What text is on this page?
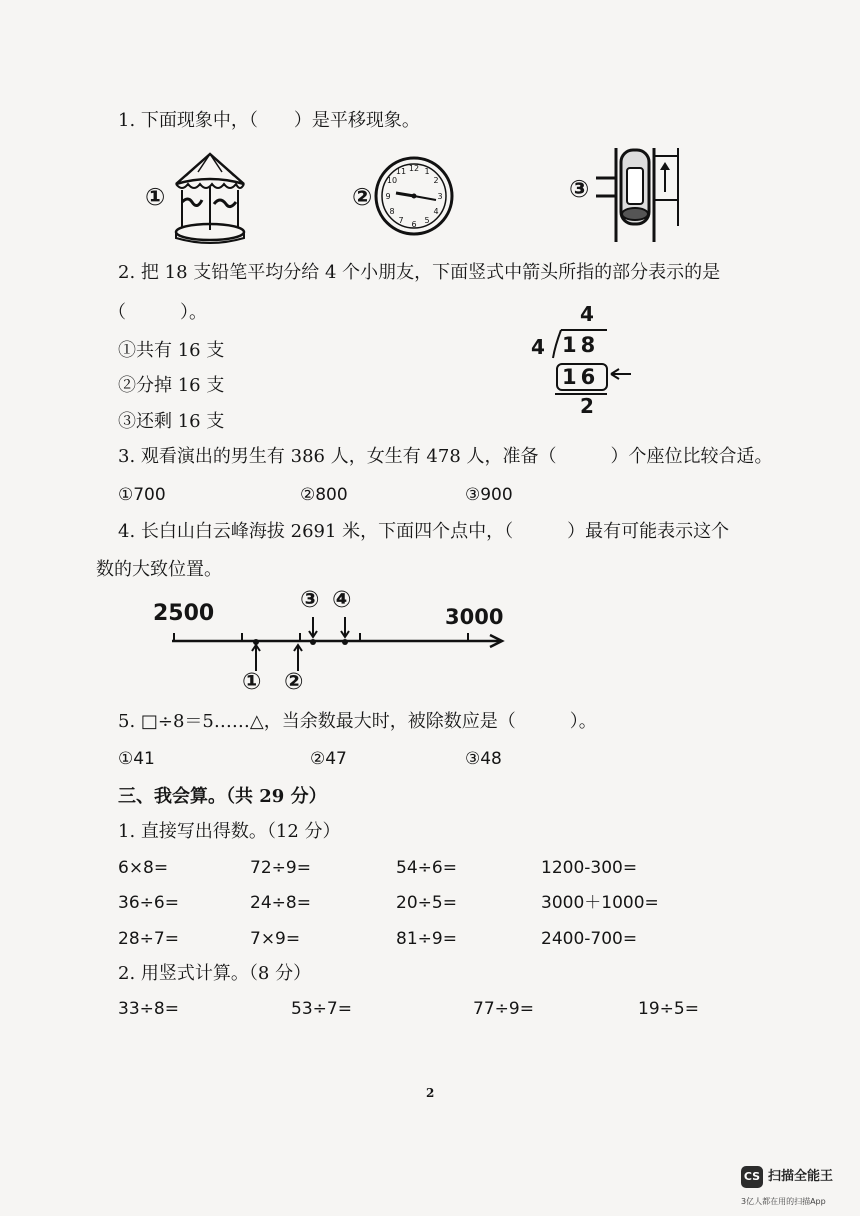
1. 下面现象中，（　　）是平移现象。
①	②
12 1
2
3
4
5
6
7
8
9
10
11
③
2. 把 18 支铅笔平均分给 4 个小朋友，下面竖式中箭头所指的部分表示的是
（　　　）。
①共有 16 支
②分掉 16 支
③还剩 16 支
4
4 18
16
2
3. 观看演出的男生有 386 人，女生有 478 人，准备（　　　）个座位比较合适。
①700	②800	③900
4. 长白山白云峰海拔 2691 米，下面四个点中，（　　　）最有可能表示这个
数的大致位置。
2500	3000
③ ④
① ②
5. □÷8＝5……△，当余数最大时，被除数应是（　　　）。
①41	②47	③48
三、我会算。（共 29 分）
1. 直接写出得数。（12 分）
6×8=	72÷9=	54÷6=	1200-300=
36÷6=	24÷8=	20÷5=	3000＋1000=
28÷7=	7×9=	81÷9=	2400-700=
2. 用竖式计算。（8 分）
33÷8=	53÷7=	77÷9=	19÷5=
2
CS 扫描全能王
3亿人都在用的扫描App
